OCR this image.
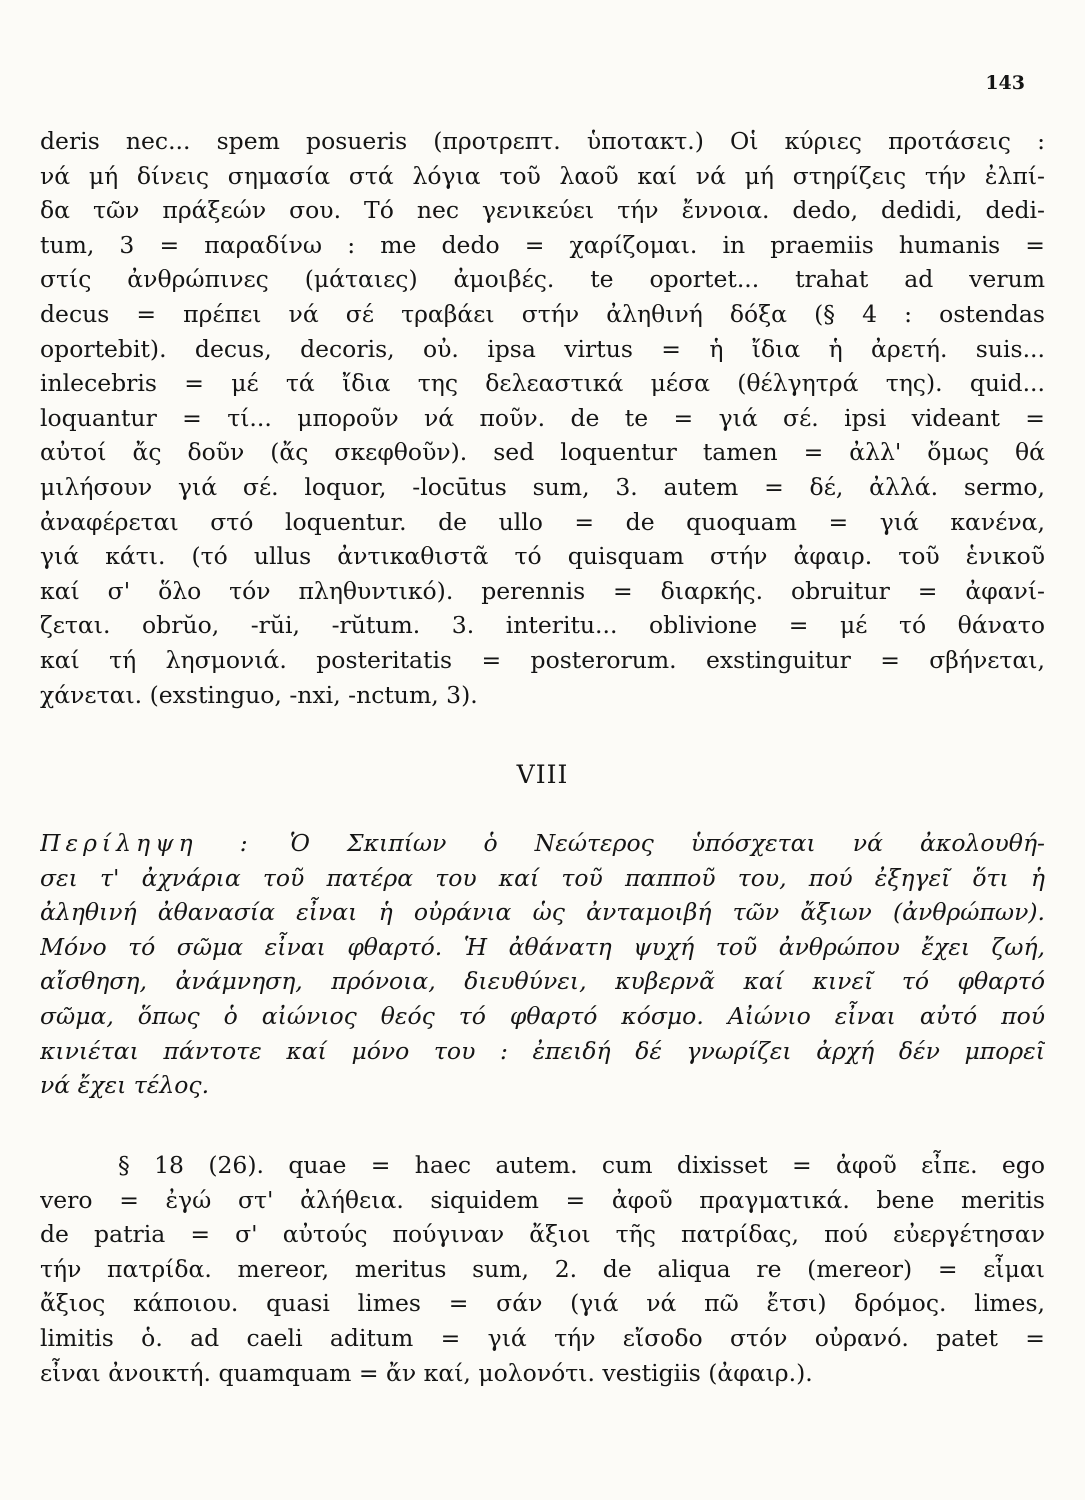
143
deris nec... spem posueris (προτρεπτ. ὑποτακτ.) Οἱ κύριες προτάσεις :
νά μή δίνεις σημασία στά λόγια τοῦ λαοῦ καί νά μή στηρίζεις τήν ἐλπί-
δα τῶν πράξεών σου. Τό nec γενικεύει τήν ἔννοια. dedo, dedidi, dedi-
tum, 3 = παραδίνω : me dedo = χαρίζομαι. in praemiis humanis =
στίς ἀνθρώπινες (μάταιες) ἀμοιβές. te oportet... trahat ad verum
decus = πρέπει νά σέ τραβάει στήν ἀληθινή δόξα (§ 4 : ostendas
oportebit). decus, decoris, οὐ. ipsa virtus = ἡ ἴδια ἡ ἀρετή. suis...
inlecebris = μέ τά ἴδια της δελεαστικά μέσα (θέλγητρά της). quid...
loquantur = τί... μποροῦν νά ποῦν. de te = γιά σέ. ipsi videant =
αὐτοί ἄς δοῦν (ἄς σκεφθοῦν). sed loquentur tamen = ἀλλ' ὅμως θά
μιλήσουν γιά σέ. loquor, -locūtus sum, 3. autem = δέ, ἀλλά. sermo,
ἀναφέρεται στό loquentur. de ullo = de quoquam = γιά κανένα,
γιά κάτι. (τό ullus ἀντικαθιστᾶ τό quisquam στήν ἀφαιρ. τοῦ ἑνικοῦ
καί σ' ὅλο τόν πληθυντικό). perennis = διαρκής. obruitur = ἀφανί-
ζεται. obrŭo, -rŭi, -rŭtum. 3. interitu... oblivione = μέ τό θάνατο
καί τή λησμονιά. posteritatis = posterorum. exstinguitur = σβήνεται,
χάνεται. (exstinguo, -nxi, -nctum, 3).
VIII
Περίληψη : Ὁ Σκιπίων ὁ Νεώτερος ὑπόσχεται νά ἀκολουθή-
σει τ' ἀχνάρια τοῦ πατέρα του καί τοῦ παπποῦ του, πού ἐξηγεῖ ὅτι ἡ
ἀληθινή ἀθανασία εἶναι ἡ οὐράνια ὡς ἀνταμοιβή τῶν ἄξιων (ἀνθρώπων).
Μόνο τό σῶμα εἶναι φθαρτό. Ἡ ἀθάνατη ψυχή τοῦ ἀνθρώπου ἔχει ζωή,
αἴσθηση, ἀνάμνηση, πρόνοια, διευθύνει, κυβερνᾶ καί κινεῖ τό φθαρτό
σῶμα, ὅπως ὁ αἰώνιος θεός τό φθαρτό κόσμο. Αἰώνιο εἶναι αὐτό πού
κινιέται πάντοτε καί μόνο του : ἐπειδή δέ γνωρίζει ἀρχή δέν μπορεῖ
νά ἔχει τέλος.
§ 18 (26). quae = haec autem. cum dixisset = ἀφοῦ εἶπε. ego
vero = ἐγώ στ' ἀλήθεια. siquidem = ἀφοῦ πραγματικά. bene meritis
de patria = σ' αὐτούς πούγιναν ἄξιοι τῆς πατρίδας, πού εὐεργέτησαν
τήν πατρίδα. mereor, meritus sum, 2. de aliqua re (mereor) = εἶμαι
ἄξιος κάποιου. quasi limes = σάν (γιά νά πῶ ἔτσι) δρόμος. limes,
limitis ὁ. ad caeli aditum = γιά τήν εἴσοδο στόν οὐρανό. patet =
εἶναι ἀνοικτή. quamquam = ἄν καί, μολονότι. vestigiis (ἀφαιρ.).
